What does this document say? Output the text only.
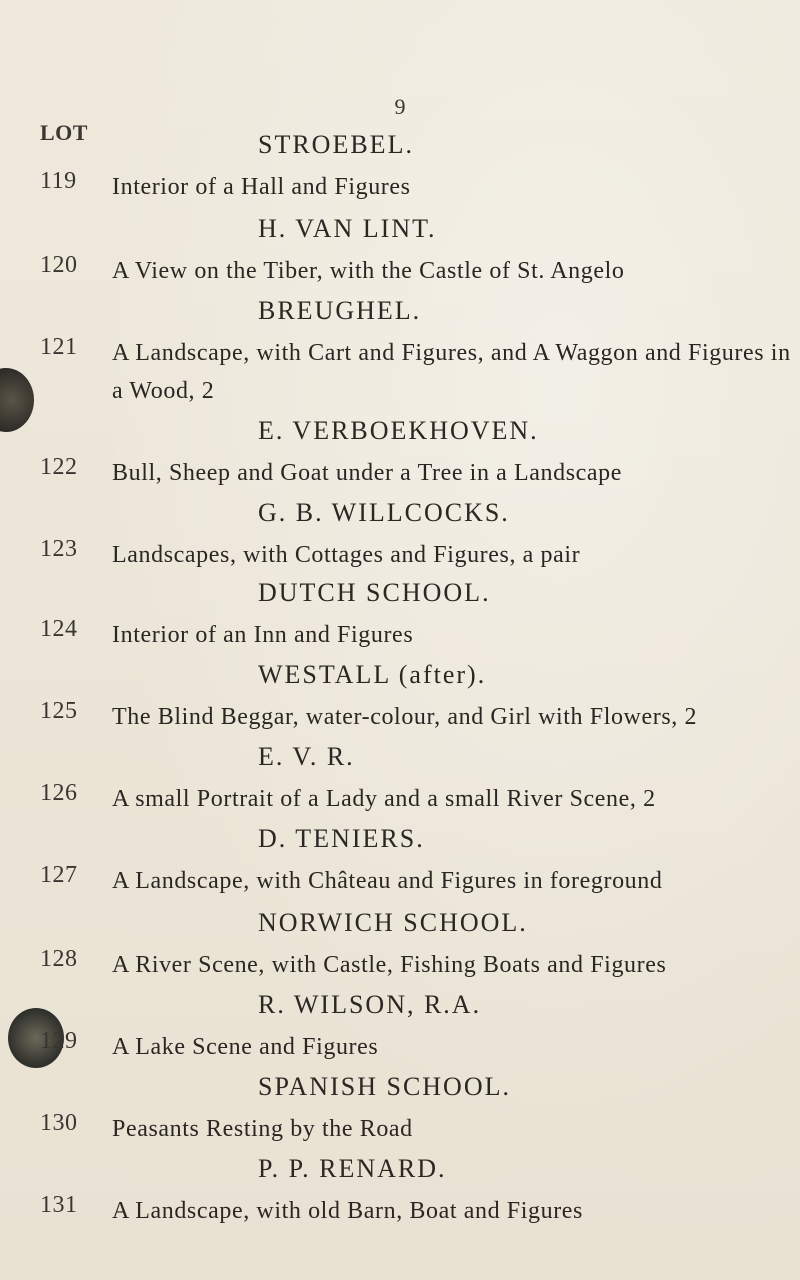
9
LOT	STROEBEL.
119 Interior of a Hall and Figures
H. VAN LINT.
120 A View on the Tiber, with the Castle of St. Angelo
BREUGHEL.
121 A Landscape, with Cart and Figures, and A Waggon and Figures in a Wood, 2
E. VERBOEKHOVEN.
122 Bull, Sheep and Goat under a Tree in a Landscape
G. B. WILLCOCKS.
123 Landscapes, with Cottages and Figures, a pair
DUTCH SCHOOL.
124 Interior of an Inn and Figures
WESTALL (after).
125 The Blind Beggar, water-colour, and Girl with Flowers, 2
E. V. R.
126 A small Portrait of a Lady and a small River Scene, 2
D. TENIERS.
127 A Landscape, with Château and Figures in foreground
NORWICH SCHOOL.
128 A River Scene, with Castle, Fishing Boats and Figures
R. WILSON, R.A.
129 A Lake Scene and Figures
SPANISH SCHOOL.
130 Peasants Resting by the Road
P. P. RENARD.
131 A Landscape, with old Barn, Boat and Figures
